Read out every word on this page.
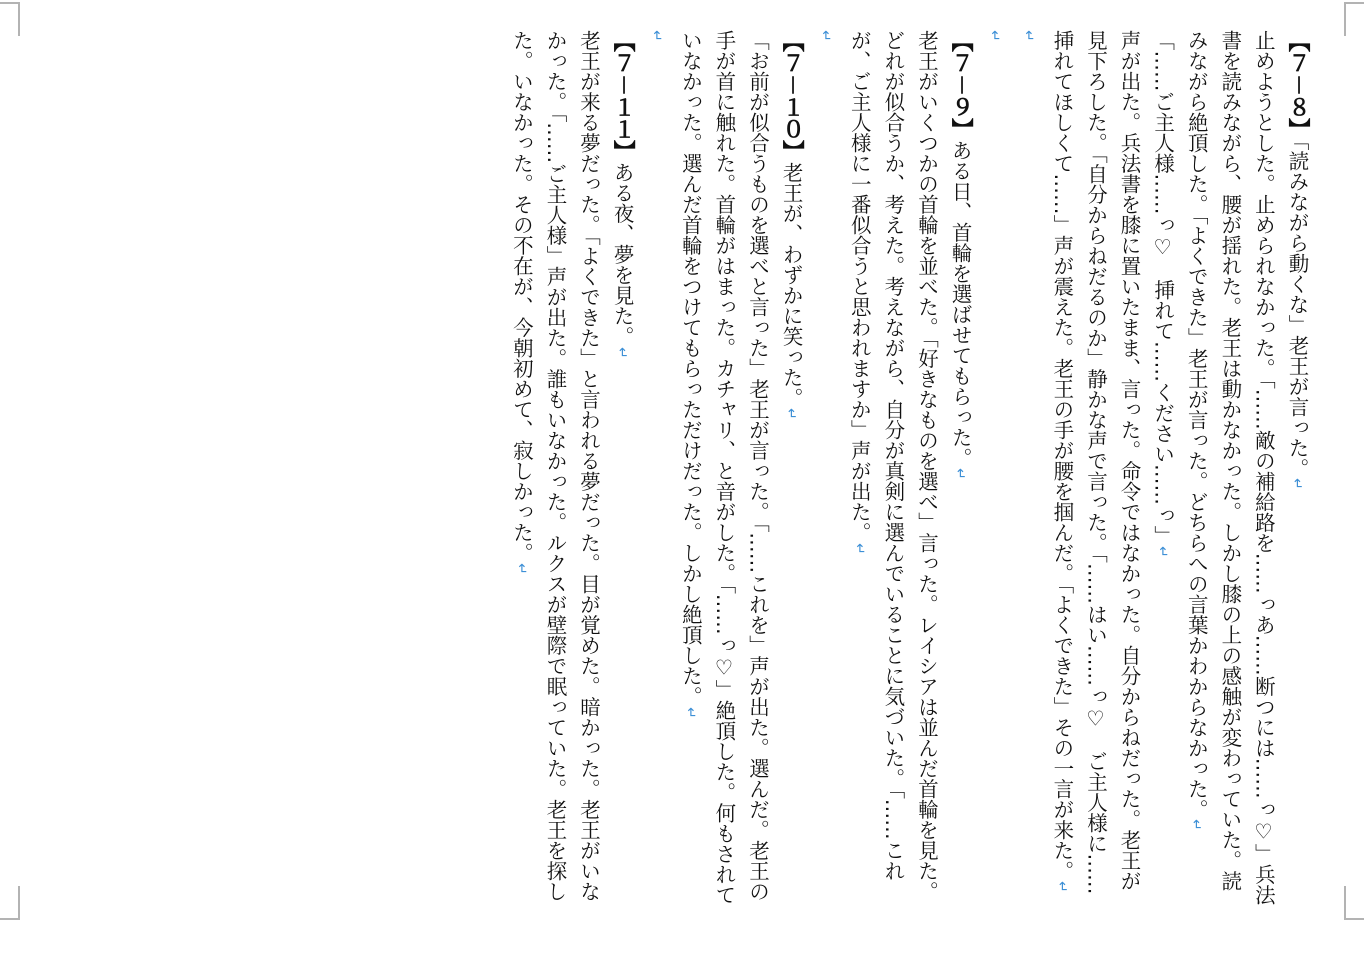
【７－８】「読みながら動くな」老王が言った。↵

止めようとした。止められなかった。「……敵の補給路を……っあ……断つには……っ♡」兵法書を読みながら、腰が揺れた。老王は動かなかった。しかし膝の上の感触が変わっていた。読みながら絶頂した。「よくできた」老王が言った。どちらへの言葉かわからなかった。↵

「……ご主人様……っ♡　挿れて……ください……っ」↵

声が出た。兵法書を膝に置いたまま、言った。命令ではなかった。自分からねだった。老王が見下ろした。「自分からねだるのか」静かな声で言った。「……はい……っ♡　ご主人様に……挿れてほしくて……」声が震えた。老王の手が腰を掴んだ。「よくできた」その一言が来た。↵

↵

↵

【７－９】ある日、首輪を選ばせてもらった。↵

老王がいくつかの首輪を並べた。「好きなものを選べ」言った。レイシアは並んだ首輪を見た。どれが似合うか、考えた。考えながら、自分が真剣に選んでいることに気づいた。「……これが、ご主人様に一番似合うと思われますか」声が出た。↵

↵

【７－１０】老王が、わずかに笑った。↵

「お前が似合うものを選べと言った」老王が言った。「……これを」声が出た。選んだ。老王の手が首に触れた。首輪がはまった。カチャリ、と音がした。「……っ♡」絶頂した。何もされていなかった。選んだ首輪をつけてもらっただけだった。しかし絶頂した。↵

↵

【７－１１】ある夜、夢を見た。↵

老王が来る夢だった。「よくできた」と言われる夢だった。目が覚めた。暗かった。老王がいなかった。「……ご主人様」声が出た。誰もいなかった。ルクスが壁際で眠っていた。老王を探した。いなかった。その不在が、今朝初めて、寂しかった。↵
